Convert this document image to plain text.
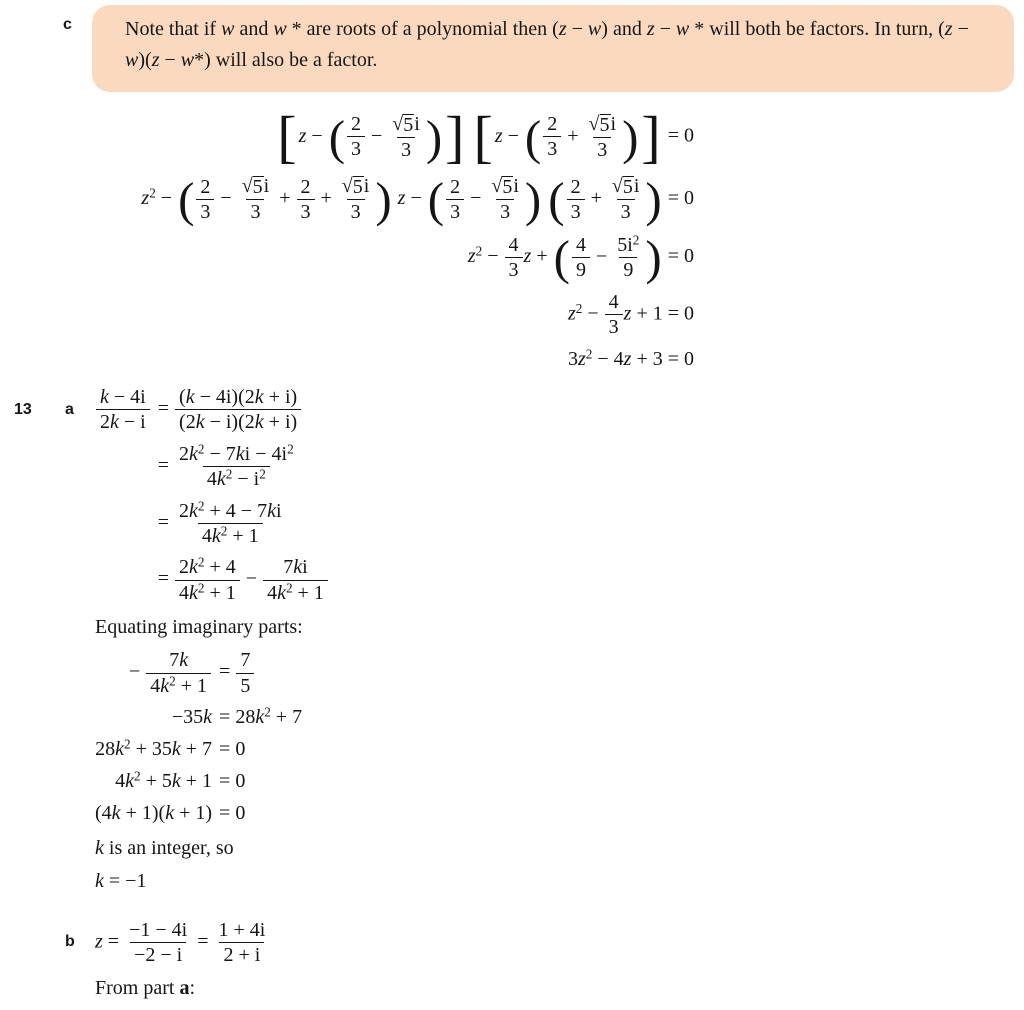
c	Note that if w and w * are roots of a polynomial then (z − w) and z − w * will both be factors. In turn, (z − w)(z − w*) will also be a factor.
[ z − ( $\frac{2}{3} - \frac{√ 5 i}{3}$ ) ]
[ z − ( $\frac{2}{3} + \frac{√ 5 i}{3}$ ) ] = 0
$z^2$ − ( $\frac{2}{3} - \frac{√ 5 i}{3} + \frac{2}{3} + \frac{√ 5 i}{3}$ ) z − ( $\frac{2}{3} - \frac{√ 5 i}{3}$ )
( $\frac{2}{3} + \frac{√ 5 i}{3}$ ) = 0
$z^2 - \frac{4}{3}$ z + ( $\frac{4}{9} - \frac{5i^2}{9}$ ) = 0
$z^2 - \frac{4}{3}$ z + 1 = 0
$3z^2 - 4z + 3 = 0$
13 a $\frac{k - 4i}{2k - i} = \frac{(k - 4i)(2k + i)}{(2k - i)(2k + i)}$
= $\frac{2k^2 - 7ki - 4i^2}{4k^2 - i^2}$
= $\frac{2k^2 + 4 - 7ki}{4k^2 + 1}$
= $\frac{2k^2 + 4}{4k^2 + 1} - \frac{7ki}{4k^2 + 1}$
Equating imaginary parts:
− $\frac{7k}{4k^2 + 1} = \frac{7}{5}$
$-35k = 28k^2 + 7$
$28k^2 + 35k + 7 = 0$
$4k^2 + 5k + 1 = 0$
(4k + 1)(k + 1) = 0
k is an integer, so
k = −1
b $z = \frac{-1 - 4i}{-2 - i} = \frac{1 + 4i}{2 + i}$
From part a:
